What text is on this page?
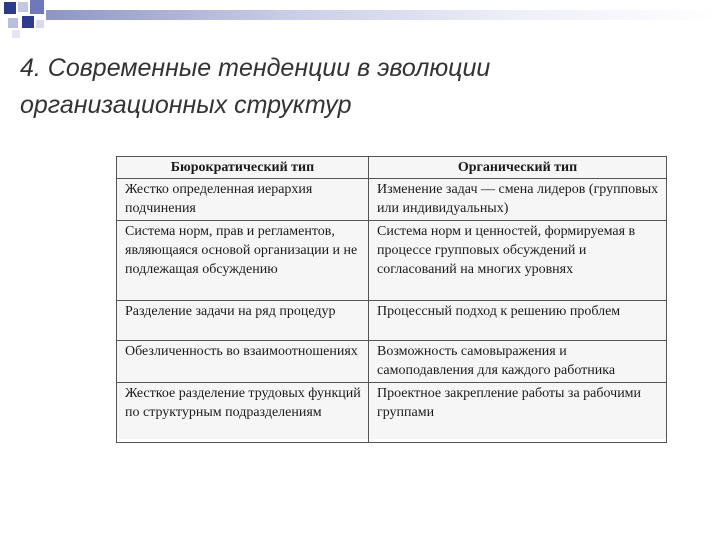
4. Современные тенденции в эволюции
организационных структур
Бюрократический тип	Органический тип
Жестко определенная иерархия подчинения	Изменение задач — смена лидеров (групповых или индивидуальных)
Система норм, прав и регламентов, являющаяся основой организации и не подлежащая обсуждению	Система норм и ценностей, формируемая в процессе групповых обсуждений и согласований на многих уровнях
Разделение задачи на ряд процедур	Процессный подход к решению проблем
Обезличенность во взаимоотношениях	Возможность самовыражения и самоподавления для каждого работника
Жесткое разделение трудовых функций по структурным подразделениям	Проектное закрепление работы за рабочими группами
